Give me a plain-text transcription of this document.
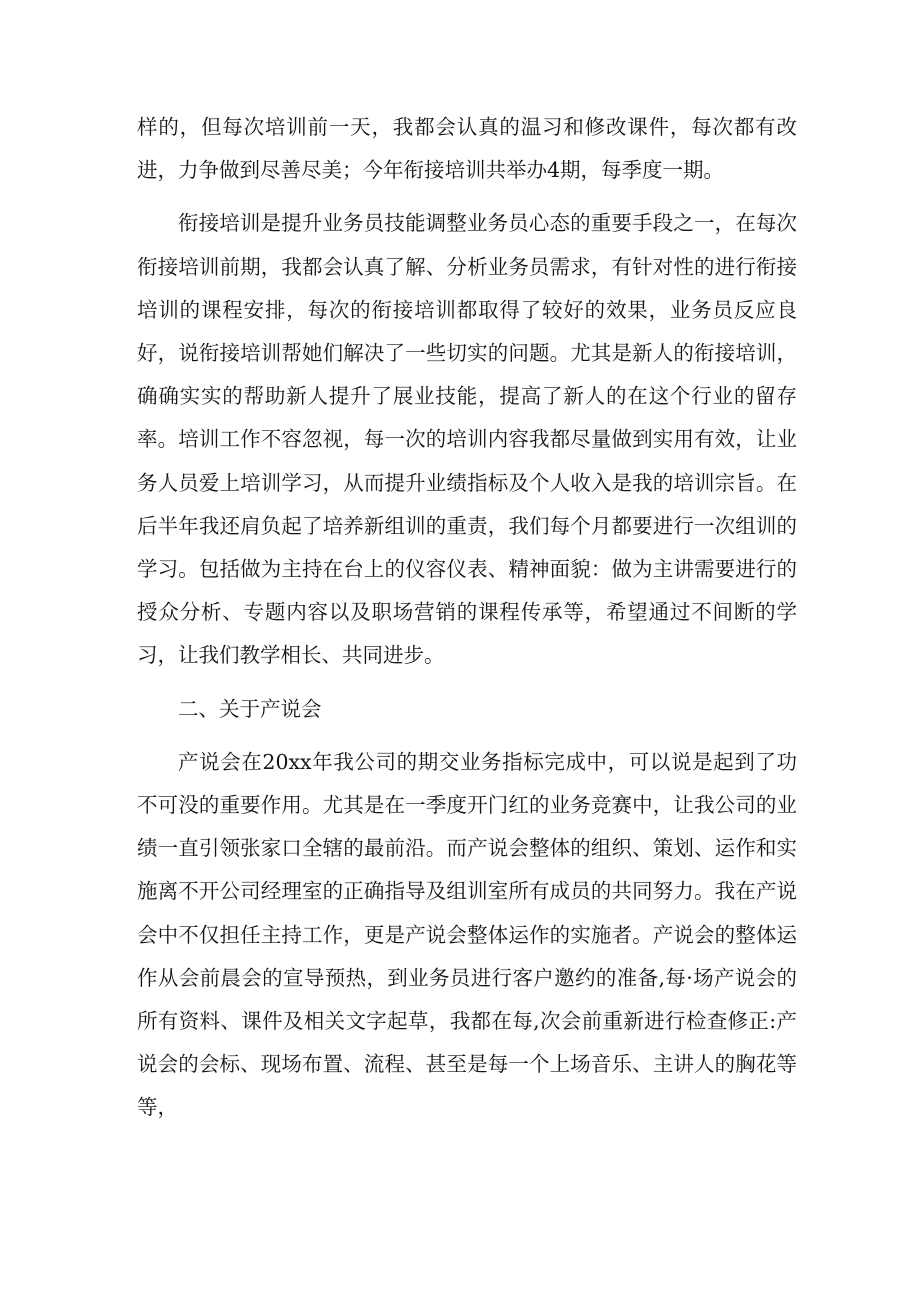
样的，但每次培训前一天，我都会认真的温习和修改课件，每次都有改进，力争做到尽善尽美；今年衔接培训共举办4期，每季度一期。

衔接培训是提升业务员技能调整业务员心态的重要手段之一，在每次衔接培训前期，我都会认真了解、分析业务员需求，有针对性的进行衔接培训的课程安排，每次的衔接培训都取得了较好的效果，业务员反应良好，说衔接培训帮她们解决了一些切实的问题。尤其是新人的衔接培训，确确实实的帮助新人提升了展业技能，提高了新人的在这个行业的留存率。培训工作不容忽视，每一次的培训内容我都尽量做到实用有效，让业务人员爱上培训学习，从而提升业绩指标及个人收入是我的培训宗旨。在后半年我还肩负起了培养新组训的重责，我们每个月都要进行一次组训的学习。包括做为主持在台上的仪容仪表、精神面貌：做为主讲需要进行的授众分析、专题内容以及职场营销的课程传承等，希望通过不间断的学习，让我们教学相长、共同进步。

二、关于产说会

产说会在20xx年我公司的期交业务指标完成中，可以说是起到了功不可没的重要作用。尤其是在一季度开门红的业务竞赛中，让我公司的业绩一直引领张家口全辖的最前沿。而产说会整体的组织、策划、运作和实施离不开公司经理室的正确指导及组训室所有成员的共同努力。我在产说会中不仅担任主持工作，更是产说会整体运作的实施者。产说会的整体运作从会前晨会的宣导预热，到业务员进行客户邀约的准备,每·场产说会的所有资料、课件及相关文字起草，我都在每,次会前重新进行检查修正:产说会的会标、现场布置、流程、甚至是每一个上场音乐、主讲人的胸花等等，
